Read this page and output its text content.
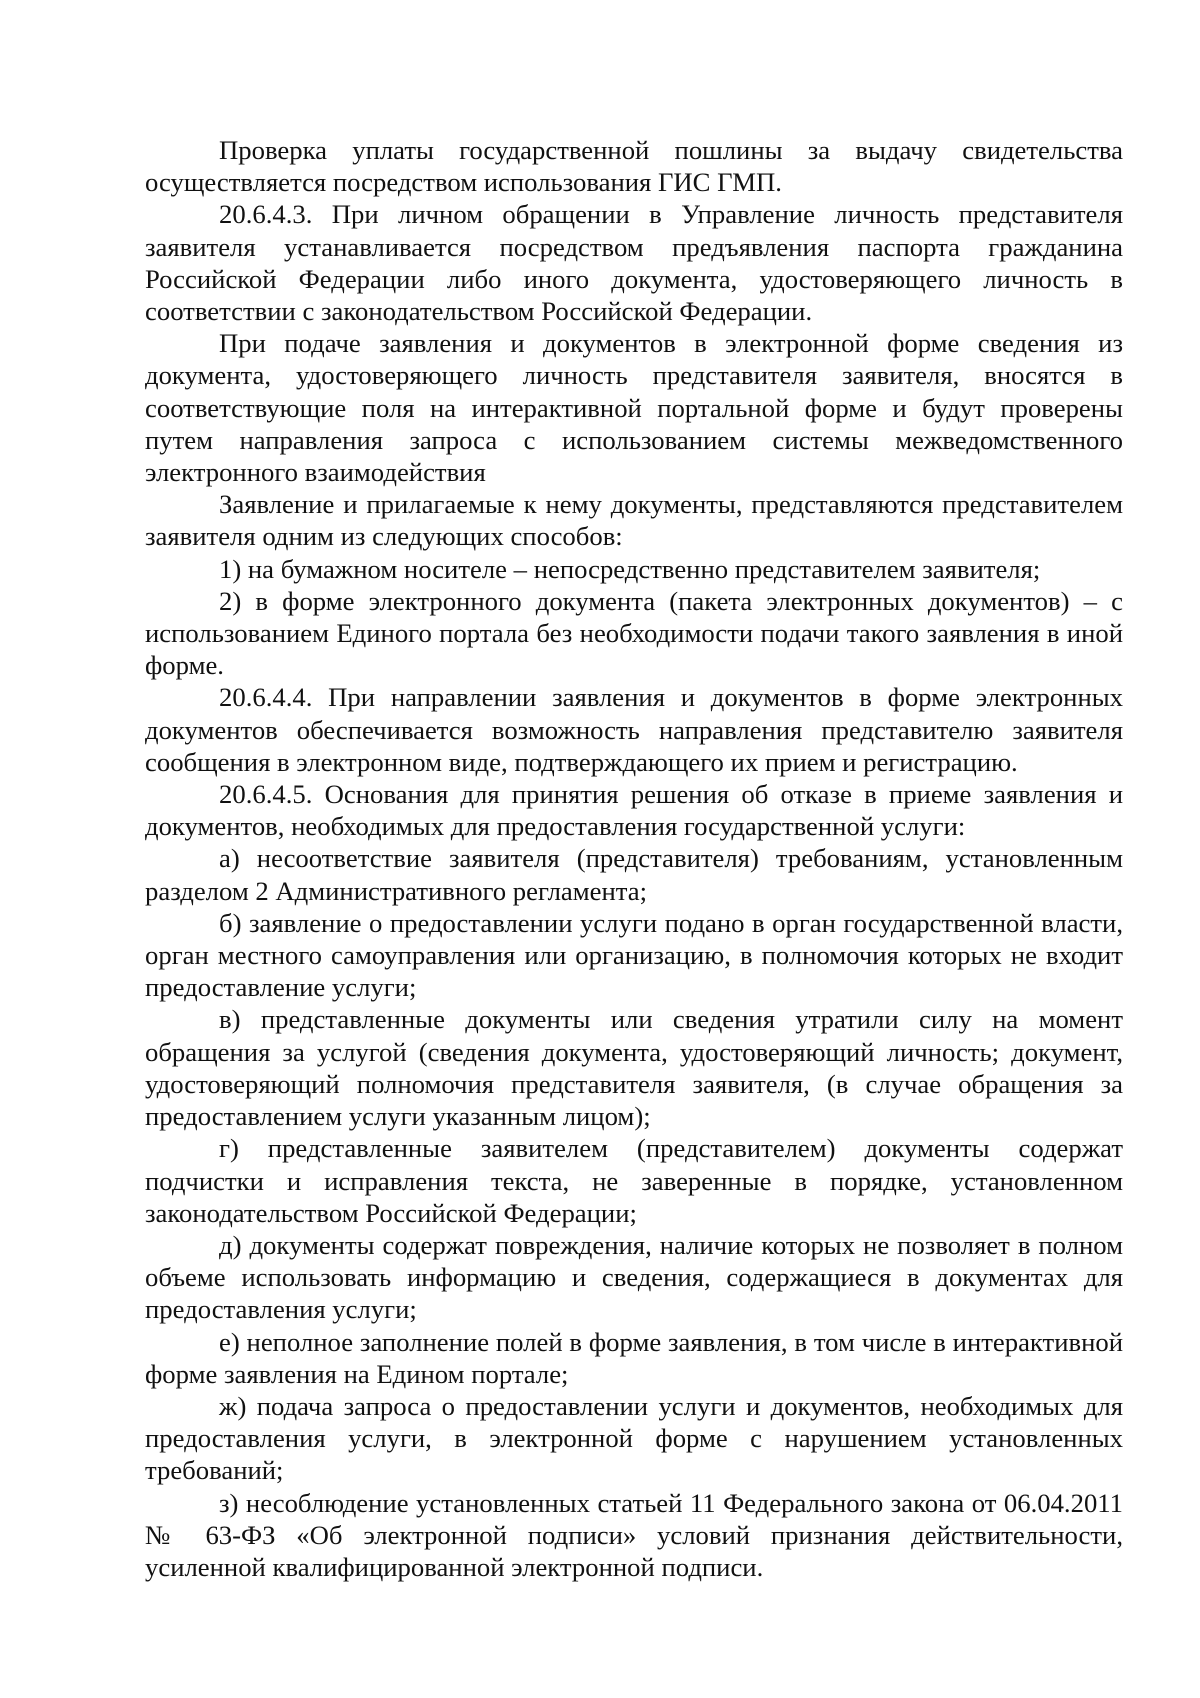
Проверка уплаты государственной пошлины за выдачу свидетельства осуществляется посредством использования ГИС ГМП.

20.6.4.3. При личном обращении в Управление личность представителя заявителя устанавливается посредством предъявления паспорта гражданина Российской Федерации либо иного документа, удостоверяющего личность в соответствии с законодательством Российской Федерации.

При подаче заявления и документов в электронной форме сведения из документа, удостоверяющего личность представителя заявителя, вносятся в соответствующие поля на интерактивной портальной форме и будут проверены путем направления запроса с использованием системы межведомственного электронного взаимодействия

Заявление и прилагаемые к нему документы, представляются представителем заявителя одним из следующих способов:

1) на бумажном носителе – непосредственно представителем заявителя;

2) в форме электронного документа (пакета электронных документов) – с использованием Единого портала без необходимости подачи такого заявления в иной форме.

20.6.4.4. При направлении заявления и документов в форме электронных документов обеспечивается возможность направления представителю заявителя сообщения в электронном виде, подтверждающего их прием и регистрацию.

20.6.4.5. Основания для принятия решения об отказе в приеме заявления и документов, необходимых для предоставления государственной услуги:

а) несоответствие заявителя (представителя) требованиям, установленным разделом 2 Административного регламента;

б) заявление о предоставлении услуги подано в орган государственной власти, орган местного самоуправления или организацию, в полномочия которых не входит предоставление услуги;

в) представленные документы или сведения утратили силу на момент обращения за услугой (сведения документа, удостоверяющий личность; документ, удостоверяющий полномочия представителя заявителя, (в случае обращения за предоставлением услуги указанным лицом);

г) представленные заявителем (представителем) документы содержат подчистки и исправления текста, не заверенные в порядке, установленном законодательством Российской Федерации;

д) документы содержат повреждения, наличие которых не позволяет в полном объеме использовать информацию и сведения, содержащиеся в документах для предоставления услуги;

е) неполное заполнение полей в форме заявления, в том числе в интерактивной форме заявления на Едином портале;

ж) подача запроса о предоставлении услуги и документов, необходимых для предоставления услуги, в электронной форме с нарушением установленных требований;

з) несоблюдение установленных статьей 11 Федерального закона от 06.04.2011 № 63-ФЗ «Об электронной подписи» условий признания действительности, усиленной квалифицированной электронной подписи.
